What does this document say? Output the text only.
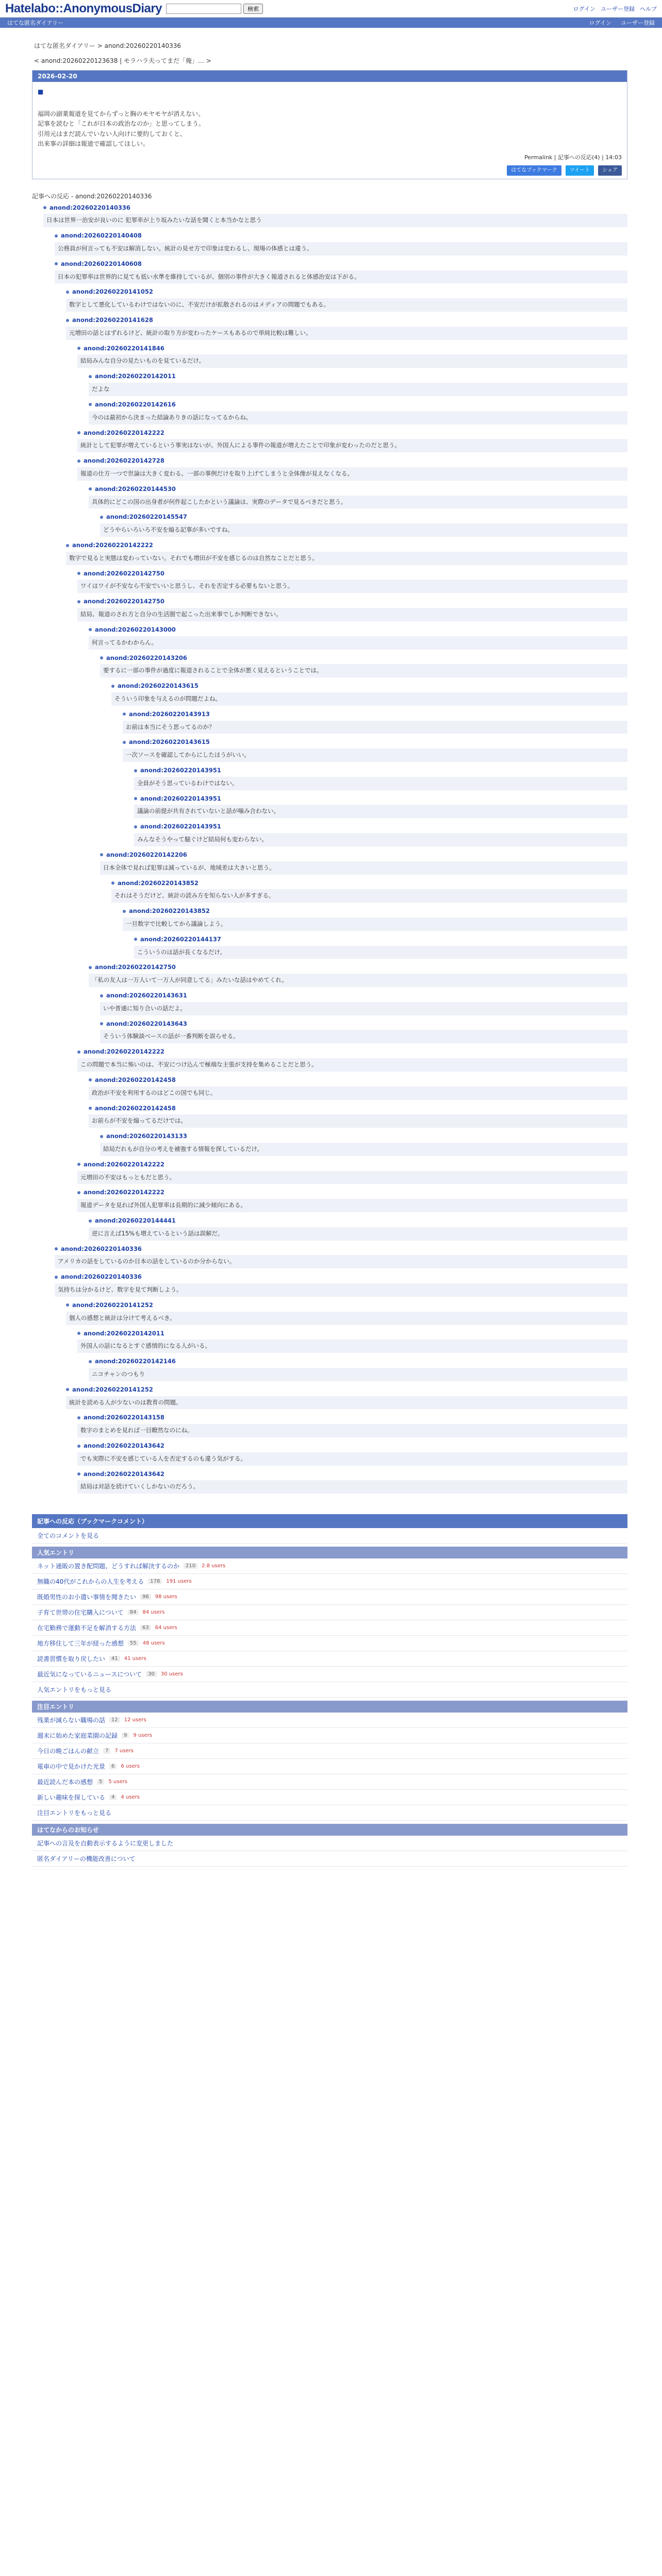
Hatelabo::AnonymousDiary	検索	ログイン ユーザー登録 ヘルプ
はてな匿名ダイアリー	ログイン ユーザー登録
はてな匿名ダイアリー > anond:20260220140336
< anond:20260220123638 | モラハラ夫ってまだ「俺」… >
2026-02-20
■
福岡の副業報道を見てからずっと胸のモヤモヤが消えない。
記事を読むと「これが日本の政治なのか」と思ってしまう。
引用元はまだ読んでいない人向けに要約しておくと、
出来事の詳細は報道で確認してほしい。
Permalink | 記事への反応(4) | 14:03
はてなブックマーク	ツイート	シェア
記事への反応 - anond:20260220140336
anond:20260220140336
日本は世界一治安が良いのに 犯罪率が上り坂みたいな話を聞くと本当かなと思う
anond:20260220140408
公務員が何言っても不安は解消しない。統計の見せ方で印象は変わるし、現場の体感とは違う。
anond:20260220140608
日本の犯罪率は世界的に見ても低い水準を維持しているが、個別の事件が大きく報道されると体感治安は下がる。
anond:20260220141052
数字として悪化しているわけではないのに、不安だけが拡散されるのはメディアの問題でもある。
anond:20260220141628
元増田の話とはずれるけど、統計の取り方が変わったケースもあるので単純比較は難しい。
anond:20260220141846
結局みんな自分の見たいものを見ているだけ。
anond:20260220142011
だよな
anond:20260220142616
今のは最初から決まった結論ありきの話になってるからね。
anond:20260220142222
統計として犯罪が増えているという事実はないが、外国人による事件の報道が増えたことで印象が変わったのだと思う。
anond:20260220142728
報道の仕方一つで世論は大きく変わる。一部の事例だけを取り上げてしまうと全体像が見えなくなる。
anond:20260220144530
具体的にどこの国の出身者が何件起こしたかという議論は、実際のデータで見るべきだと思う。
anond:20260220145547
どうやらいろいろ不安を煽る記事が多いですね。
anond:20260220142222
数字で見ると実態は変わっていない。それでも増田が不安を感じるのは自然なことだと思う。
anond:20260220142750
ワイはワイが不安なら不安でいいと思うし、それを否定する必要もないと思う。
anond:20260220142750
結局、報道のされ方と自分の生活圏で起こった出来事でしか判断できない。
anond:20260220143000
何言ってるかわからん。
anond:20260220143206
要するに一部の事件が過度に報道されることで全体が悪く見えるということでは。
anond:20260220143615
そういう印象を与えるのが問題だよね。
anond:20260220143913
お前は本当にそう思ってるのか？
anond:20260220143615
一次ソースを確認してからにしたほうがいい。
anond:20260220143951
全員がそう思っているわけではない。
anond:20260220143951
議論の前提が共有されていないと話が噛み合わない。
anond:20260220143951
みんなそうやって騒ぐけど結局何も変わらない。
anond:20260220142206
日本全体で見れば犯罪は減っているが、地域差は大きいと思う。
anond:20260220143852
それはそうだけど、統計の読み方を知らない人が多すぎる。
anond:20260220143852
一旦数字で比較してから議論しよう。
anond:20260220144137
こういうのは話が長くなるだけ。
anond:20260220142750
「私の友人は一万人いて一万人が同意してる」みたいな話はやめてくれ。
anond:20260220143631
いや普通に知り合いの話だよ。
anond:20260220143643
そういう体験談ベースの話が一番判断を誤らせる。
anond:20260220142222
この問題で本当に怖いのは、不安につけ込んで極端な主張が支持を集めることだと思う。
anond:20260220142458
政治が不安を利用するのはどこの国でも同じ。
anond:20260220142458
お前らが不安を煽ってるだけでは。
anond:20260220143133
結局だれもが自分の考えを補強する情報を探しているだけ。
anond:20260220142222
元増田の不安はもっともだと思う。
anond:20260220142222
報道データを見れば外国人犯罪率は長期的に減少傾向にある。
anond:20260220144441
逆に言えば15%も増えているという話は誤解だ。
anond:20260220140336
アメリカの話をしているのか日本の話をしているのか分からない。
anond:20260220140336
気持ちは分かるけど、数字を見て判断しよう。
anond:20260220141252
個人の感想と統計は分けて考えるべき。
anond:20260220142011
外国人の話になるとすぐ感情的になる人がいる。
anond:20260220142146
ニコチャンのつもり
anond:20260220141252
統計を読める人が少ないのは教育の問題。
anond:20260220143158
数字のまとめを見れば一目瞭然なのにね。
anond:20260220143642
でも実際に不安を感じている人を否定するのも違う気がする。
anond:20260220143642
結局は対話を続けていくしかないのだろう。
記事への反応（ブックマークコメント）
全てのコメントを見る
人気エントリ
ネット通販の置き配問題、どうすれば解決するのか	210	2.8 users
無職の40代がこれからの人生を考える	178	191 users
既婚男性のお小遣い事情を聞きたい	96	98 users
子育て世帯の住宅購入について	84	84 users
在宅勤務で運動不足を解消する方法	63	64 users
地方移住して三年が経った感想	55	48 users
読書習慣を取り戻したい	41	41 users
最近気になっているニュースについて	30	30 users
人気エントリをもっと見る
注目エントリ
残業が減らない職場の話	12	12 users
週末に始めた家庭菜園の記録	9	9 users
今日の晩ごはんの献立	7	7 users
電車の中で見かけた光景	6	6 users
最近読んだ本の感想	5	5 users
新しい趣味を探している	4	4 users
注目エントリをもっと見る
はてなからのお知らせ
記事への言及を自動表示するように変更しました
匿名ダイアリーの機能改善について
